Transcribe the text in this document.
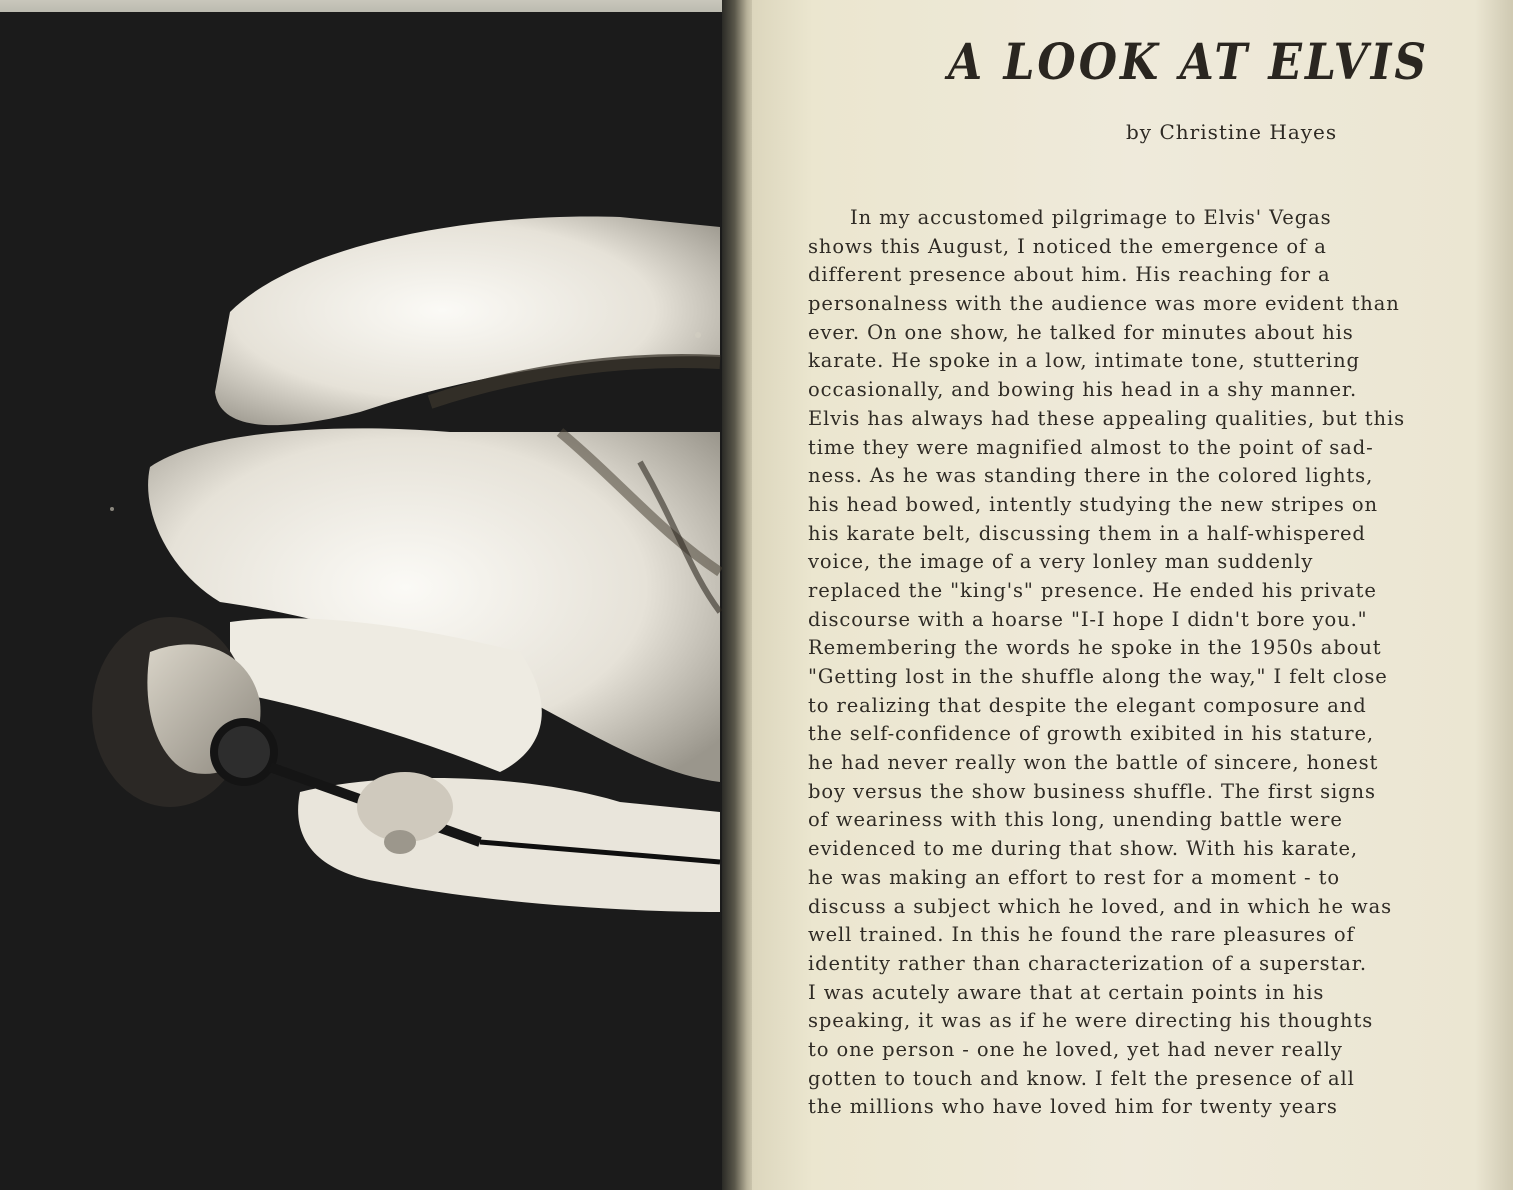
A LOOK AT ELVIS

by Christine Hayes

In my accustomed pilgrimage to Elvis' Vegas
shows this August, I noticed the emergence of a
different presence about him. His reaching for a
personalness with the audience was more evident than
ever. On one show, he talked for minutes about his
karate. He spoke in a low, intimate tone, stuttering
occasionally, and bowing his head in a shy manner.
Elvis has always had these appealing qualities, but this
time they were magnified almost to the point of sad-
ness. As he was standing there in the colored lights,
his head bowed, intently studying the new stripes on
his karate belt, discussing them in a half-whispered
voice, the image of a very lonley man suddenly
replaced the "king's" presence. He ended his private
discourse with a hoarse "I-I hope I didn't bore you."
Remembering the words he spoke in the 1950s about
"Getting lost in the shuffle along the way," I felt close
to realizing that despite the elegant composure and
the self-confidence of growth exibited in his stature,
he had never really won the battle of sincere, honest
boy versus the show business shuffle. The first signs
of weariness with this long, unending battle were
evidenced to me during that show. With his karate,
he was making an effort to rest for a moment - to
discuss a subject which he loved, and in which he was
well trained. In this he found the rare pleasures of
identity rather than characterization of a superstar.
I was acutely aware that at certain points in his
speaking, it was as if he were directing his thoughts
to one person - one he loved, yet had never really
gotten to touch and know. I felt the presence of all
the millions who have loved him for twenty years
